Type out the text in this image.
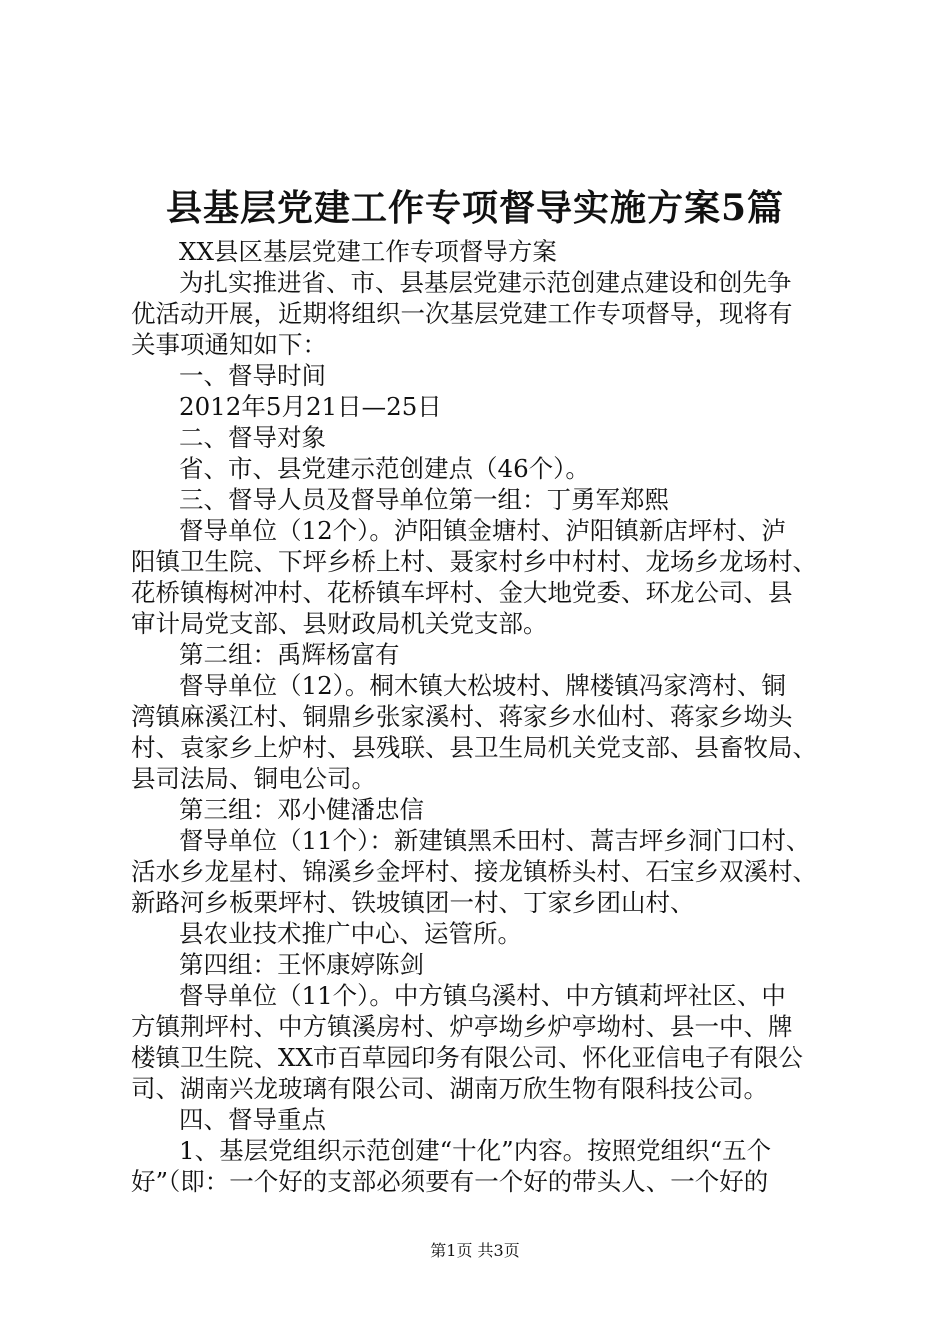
县基层党建工作专项督导实施方案5篇
XX县区基层党建工作专项督导方案
为扎实推进省、市、县基层党建示范创建点建设和创先争
优活动开展，近期将组织一次基层党建工作专项督导，现将有
关事项通知如下：
一、督导时间
2012年5月21日—25日
二、督导对象
省、市、县党建示范创建点（46个）。
三、督导人员及督导单位第一组：丁勇军郑熙
督导单位（12个）。泸阳镇金塘村、泸阳镇新店坪村、泸
阳镇卫生院、下坪乡桥上村、聂家村乡中村村、龙场乡龙场村、
花桥镇梅树冲村、花桥镇车坪村、金大地党委、环龙公司、县
审计局党支部、县财政局机关党支部。
第二组：禹辉杨富有
督导单位（12）。桐木镇大松坡村、牌楼镇冯家湾村、铜
湾镇麻溪江村、铜鼎乡张家溪村、蒋家乡水仙村、蒋家乡坳头
村、袁家乡上炉村、县残联、县卫生局机关党支部、县畜牧局、
县司法局、铜电公司。
第三组：邓小健潘忠信
督导单位（11个）：新建镇黑禾田村、蒿吉坪乡洞门口村、
活水乡龙星村、锦溪乡金坪村、接龙镇桥头村、石宝乡双溪村、
新路河乡板栗坪村、铁坡镇团一村、丁家乡团山村、
县农业技术推广中心、运管所。
第四组：王怀康婷陈剑
督导单位（11个）。中方镇乌溪村、中方镇莉坪社区、中
方镇荆坪村、中方镇溪房村、炉亭坳乡炉亭坳村、县一中、牌
楼镇卫生院、XX市百草园印务有限公司、怀化亚信电子有限公
司、湖南兴龙玻璃有限公司、湖南万欣生物有限科技公司。
四、督导重点
1、基层党组织示范创建“十化”内容。按照党组织“五个
好”（即：一个好的支部必须要有一个好的带头人、一个好的
第1页 共3页
